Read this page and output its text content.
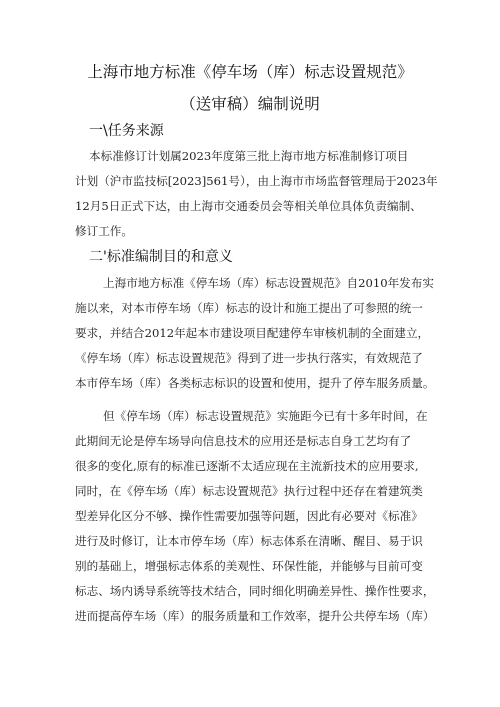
上海市地方标准《停车场（库）标志设置规范》
（送审稿）编制说明
一\任务来源
本标准修订计划属2023年度第三批上海市地方标准制修订项目
计划（沪市监技标[2023]561号），由上海市市场监督管理局于2023年
12月5日正式下达，由上海市交通委员会等相关单位具体负责编制、
修订工作。
二'标准编制目的和意义
上海市地方标准《停车场（库）标志设置规范》自2010年发布实
施以来，对本市停车场（库）标志的设计和施工提出了可参照的统一
要求，并结合2012年起本市建设项目配建停车审核机制的全面建立，
《停车场（库）标志设置规范》得到了进一步执行落实，有效规范了
本市停车场（库）各类标志标识的设置和使用，提升了停车服务质量。
但《停车场（库）标志设置规范》实施距今已有十多年时间，在
此期间无论是停车场导向信息技术的应用还是标志自身工艺均有了
很多的变化,原有的标准已逐渐不太适应现在主流新技术的应用要求,
同时，在《停车场（库）标志设置规范》执行过程中还存在着建筑类
型差异化区分不够、操作性需要加强等问题，因此有必要对《标准》
进行及时修订，让本市停车场（库）标志体系在清晰、醒目、易于识
别的基础上，增强标志体系的美观性、环保性能，并能够与目前可变
标志、场内诱导系统等技术结合，同时细化明确差异性、操作性要求，
进而提高停车场（库）的服务质量和工作效率，提升公共停车场（库）
